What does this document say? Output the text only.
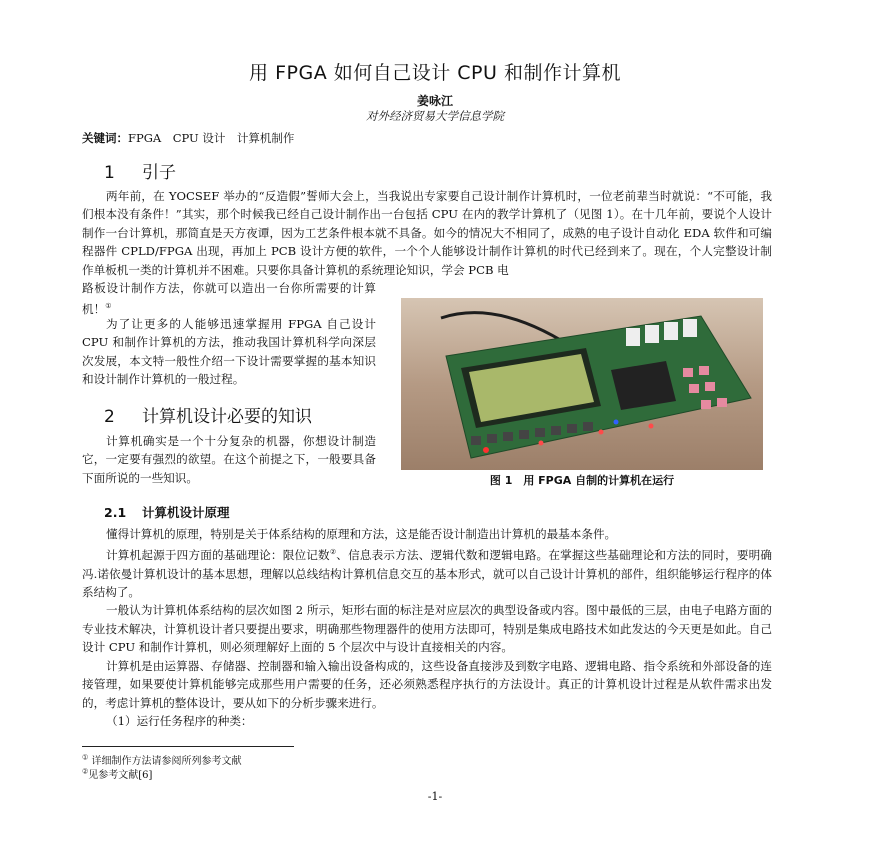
用 FPGA 如何自己设计 CPU 和制作计算机
姜咏江
对外经济贸易大学信息学院
关键词：FPGA　CPU 设计　计算机制作
1 引子

两年前，在 YOCSEF 举办的“反造假”誓师大会上，当我说出专家要自己设计制作计算机时，一位老前辈当时就说：“不可能，我们根本没有条件！”其实，那个时候我已经自己设计制作出一台包括 CPU 在内的教学计算机了（见图 1）。在十几年前，要说个人设计制作一台计算机，那简直是天方夜谭，因为工艺条件根本就不具备。如今的情况大不相同了，成熟的电子设计自动化 EDA 软件和可编程器件 CPLD/FPGA 出现，再加上 PCB 设计方便的软件，一个个人能够设计制作计算机的时代已经到来了。现在，个人完整设计制作单板机一类的计算机并不困难。只要你具备计算机的系统理论知识，学会 PCB 电

路板设计制作方法，你就可以造出一台你所需要的计算机！①

为了让更多的人能够迅速掌握用 FPGA 自己设计 CPU 和制作计算机的方法，推动我国计算机科学向深层次发展，本文特一般性介绍一下设计需要掌握的基本知识和设计制作计算机的一般过程。

2 计算机设计必要的知识

计算机确实是一个十分复杂的机器，你想设计制造它，一定要有强烈的欲望。在这个前提之下，一般要具备下面所说的一些知识。	图 1　用 FPGA 自制的计算机在运行
2.1 计算机设计原理

懂得计算机的原理，特别是关于体系结构的原理和方法，这是能否设计制造出计算机的最基本条件。

计算机起源于四方面的基础理论：限位记数②、信息表示方法、逻辑代数和逻辑电路。在掌握这些基础理论和方法的同时，要明确冯.诺依曼计算机设计的基本思想，理解以总线结构计算机信息交互的基本形式，就可以自己设计计算机的部件，组织能够运行程序的体系结构了。

一般认为计算机体系结构的层次如图 2 所示，矩形右面的标注是对应层次的典型设备或内容。图中最低的三层，由电子电路方面的专业技术解决，计算机设计者只要提出要求，明确那些物理器件的使用方法即可，特别是集成电路技术如此发达的今天更是如此。自己设计 CPU 和制作计算机，则必须理解好上面的 5 个层次中与设计直接相关的内容。

计算机是由运算器、存储器、控制器和输入输出设备构成的，这些设备直接涉及到数字电路、逻辑电路、指令系统和外部设备的连接管理，如果要使计算机能够完成那些用户需要的任务，还必须熟悉程序执行的方法设计。真正的计算机设计过程是从软件需求出发的，考虑计算机的整体设计，要从如下的分析步骤来进行。

（1）运行任务程序的种类：

① 详细制作方法请参阅所列参考文献
②见参考文献[6]
-1-
